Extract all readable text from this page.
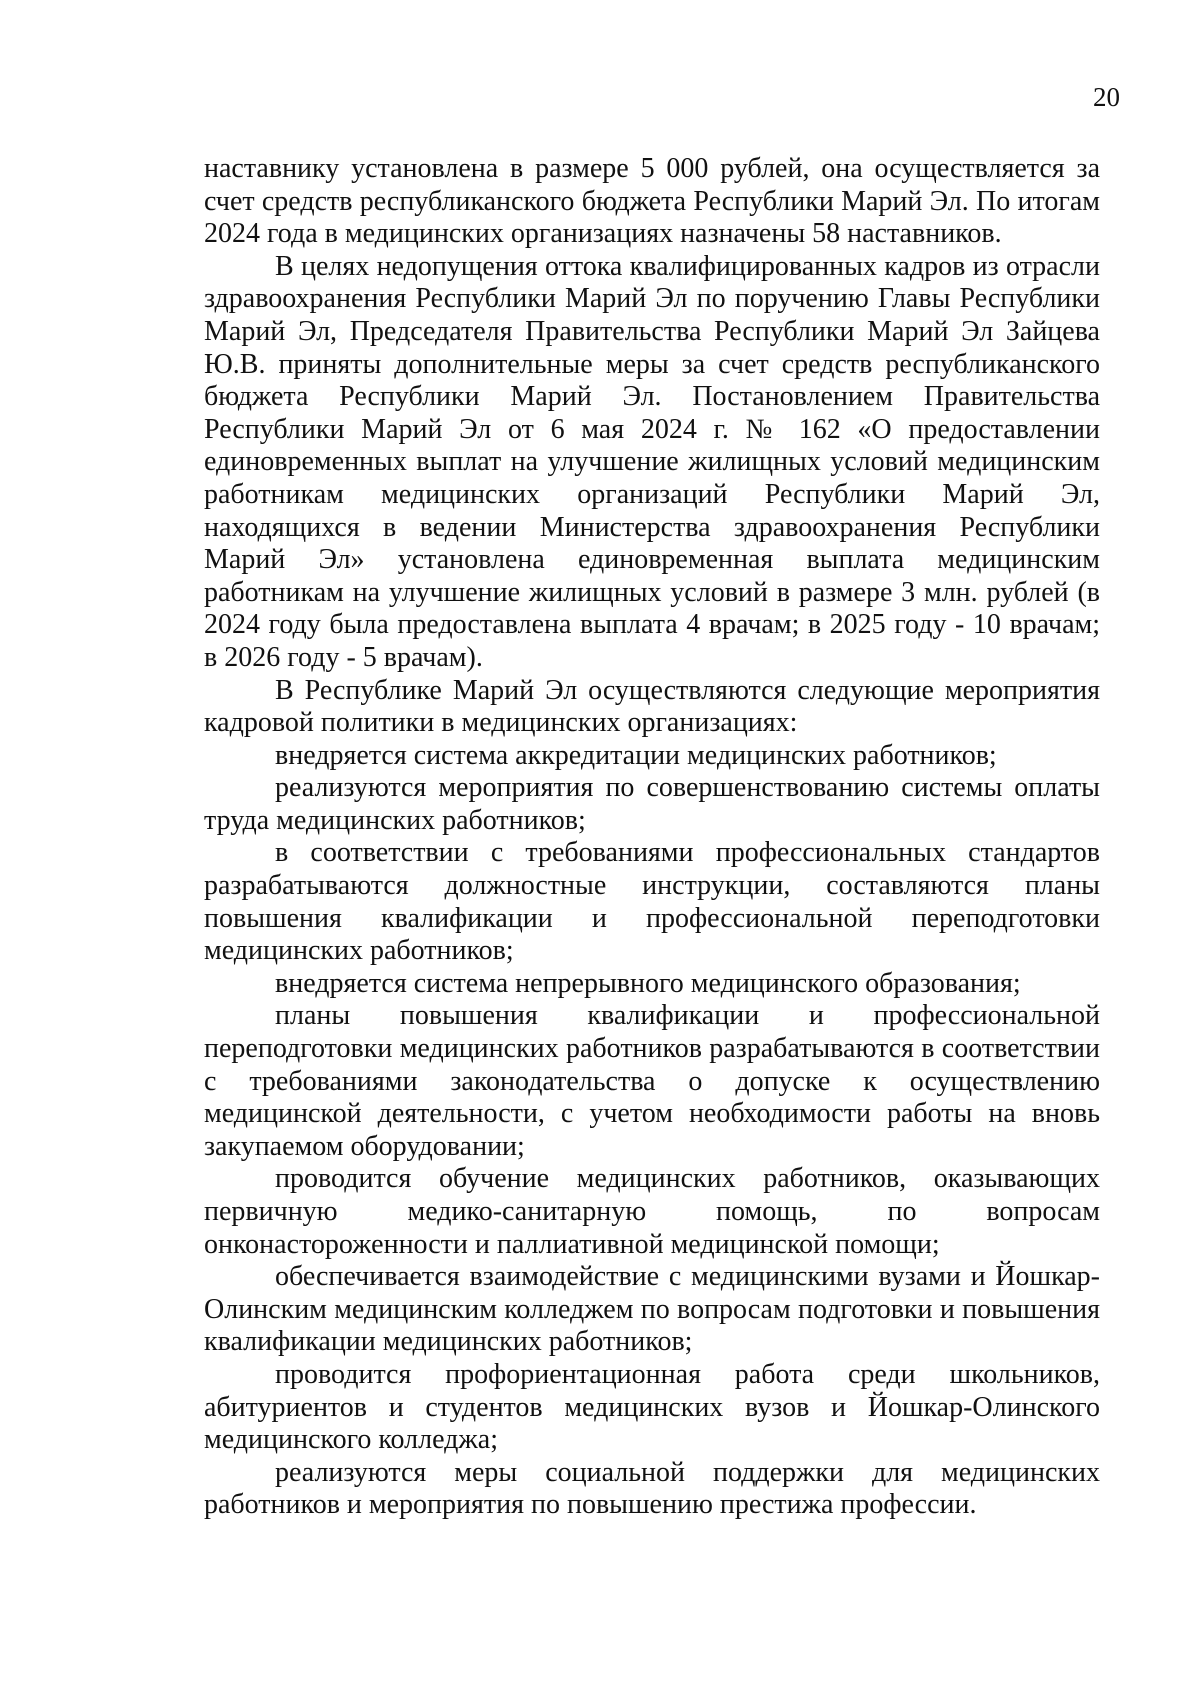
20

наставнику установлена в размере 5 000 рублей, она осуществляется за счет средств республиканского бюджета Республики Марий Эл. По итогам 2024 года в медицинских организациях назначены 58 наставников.

В целях недопущения оттока квалифицированных кадров из отрасли здравоохранения Республики Марий Эл по поручению Главы Республики Марий Эл, Председателя Правительства Республики Марий Эл Зайцева Ю.В. приняты дополнительные меры за счет средств республиканского бюджета Республики Марий Эл. Постановлением Правительства Республики Марий Эл от 6 мая 2024 г. № 162 «О предоставлении единовременных выплат на улучшение жилищных условий медицинским работникам медицинских организаций Республики Марий Эл, находящихся в ведении Министерства здравоохранения Республики Марий Эл» установлена единовременная выплата медицинским работникам на улучшение жилищных условий в размере 3 млн. рублей (в 2024 году была предоставлена выплата 4 врачам; в 2025 году - 10 врачам; в 2026 году - 5 врачам).

В Республике Марий Эл осуществляются следующие мероприятия кадровой политики в медицинских организациях:

внедряется система аккредитации медицинских работников;

реализуются мероприятия по совершенствованию системы оплаты труда медицинских работников;

в соответствии с требованиями профессиональных стандартов разрабатываются должностные инструкции, составляются планы повышения квалификации и профессиональной переподготовки медицинских работников;

внедряется система непрерывного медицинского образования;

планы повышения квалификации и профессиональной переподготовки медицинских работников разрабатываются в соответствии с требованиями законодательства о допуске к осуществлению медицинской деятельности, с учетом необходимости работы на вновь закупаемом оборудовании;

проводится обучение медицинских работников, оказывающих первичную медико-санитарную помощь, по вопросам онконастороженности и паллиативной медицинской помощи;

обеспечивается взаимодействие с медицинскими вузами и Йошкар-Олинским медицинским колледжем по вопросам подготовки и повышения квалификации медицинских работников;

проводится профориентационная работа среди школьников, абитуриентов и студентов медицинских вузов и Йошкар-Олинского медицинского колледжа;

реализуются меры социальной поддержки для медицинских работников и мероприятия по повышению престижа профессии.
